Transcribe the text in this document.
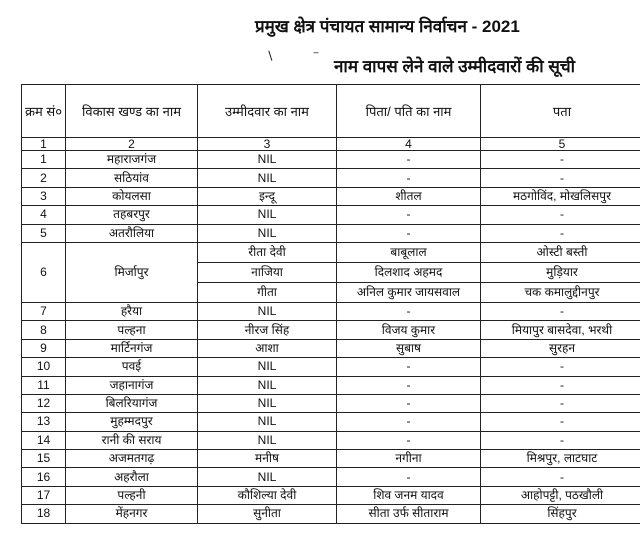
प्रमुख क्षेत्र पंचायत सामान्य निर्वाचन - 2021
∖	‾ नाम वापस लेने वाले उम्मीदवारों की सूची
क्रम सं०	विकास खण्ड का नाम	उम्मीदवार का नाम	पिता/ पति का नाम	पता
1	2	3	4	5
1	महाराजगंज	NIL	-	-
2	सठियांव	NIL	-	-
3	कोयलसा	इन्दू	शीतल	मठगोविंद, मोखलिसपुर
4	तहबरपुर	NIL	-	-
5	अतरौलिया	NIL	-	-
6	मिर्जापुर	रीता देवी	बाबूलाल	ओस्टी बस्ती
		नाजिया	दिलशाद अहमद	मुड़ियार
		गीता	अनिल कुमार जायसवाल	चक कमालुद्दीनपुर
7	हरैया	NIL	-	-
8	पल्हना	नीरज सिंह	विजय कुमार	मियापुर बासदेवा, भरथी
9	मार्टिनगंज	आशा	सुबाष	सुरहन
10	पवई	NIL	-	-
11	जहानागंज	NIL	-	-
12	बिलरियागंज	NIL	-	-
13	मुहम्मदपुर	NIL	-	-
14	रानी की सराय	NIL	-	-
15	अजमतगढ़	मनीष	नगीना	मिश्रपुर, लाटघाट
16	अहरौला	NIL	-	-
17	पल्हनी	कौशिल्या देवी	शिव जनम यादव	आहोपट्टी, पठखौली
18	मेंहनगर	सुनीता	सीता उर्फ सीताराम	सिंहपुर
